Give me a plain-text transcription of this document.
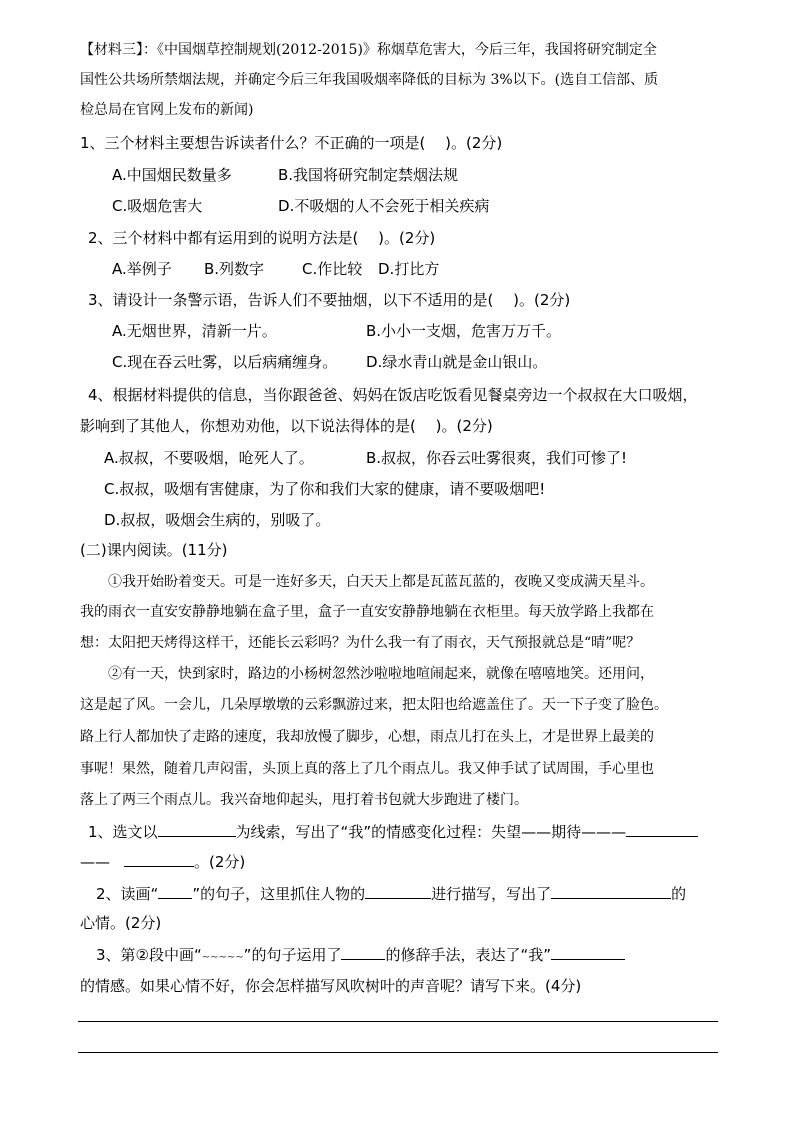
【材料三】：《中国烟草控制规划(2012-2015)》称烟草危害大，今后三年，我国将研究制定全
国性公共场所禁烟法规，并确定今后三年我国吸烟率降低的目标为 3%以下。(选自工信部、质
检总局在官网上发布的新闻)
1、三个材料主要想告诉读者什么？不正确的一项是(　 )。(2分)
A.中国烟民数量多	B.我国将研究制定禁烟法规
C.吸烟危害大	D.不吸烟的人不会死于相关疾病
2、三个材料中都有运用到的说明方法是(　 )。(2分)
A.举例子 B.列数字	C.作比较 D.打比方
3、请设计一条警示语，告诉人们不要抽烟，以下不适用的是(　 )。(2分)
A.无烟世界，清新一片。	B.小小一支烟，危害万万千。
C.现在吞云吐雾，以后病痛缠身。 D.绿水青山就是金山银山。
4、根据材料提供的信息，当你跟爸爸、妈妈在饭店吃饭看见餐桌旁边一个叔叔在大口吸烟，
影响到了其他人，你想劝劝他，以下说法得体的是(　 )。(2分)
A.叔叔，不要吸烟，呛死人了。	B.叔叔，你吞云吐雾很爽，我们可惨了!
C.叔叔，吸烟有害健康，为了你和我们大家的健康，请不要吸烟吧!
D.叔叔，吸烟会生病的，别吸了。
(二)课内阅读。(11分)
①我开始盼着变天。可是一连好多天，白天天上都是瓦蓝瓦蓝的，夜晚又变成满天星斗。
我的雨衣一直安安静静地躺在盒子里，盒子一直安安静静地躺在衣柜里。每天放学路上我都在
想：太阳把天烤得这样干，还能长云彩吗？为什么我一有了雨衣，天气预报就总是“晴”呢？
②有一天，快到家时，路边的小杨树忽然沙啦啦地喧闹起来，就像在嘻嘻地笑。还用问，
这是起了风。一会儿，几朵厚墩墩的云彩飘游过来，把太阳也给遮盖住了。天一下子变了脸色。
路上行人都加快了走路的速度，我却放慢了脚步，心想，雨点儿打在头上，才是世界上最美的
事呢！果然，随着几声闷雷，头顶上真的落上了几个雨点儿。我又伸手试了试周围，手心里也
落上了两三个雨点儿。我兴奋地仰起头，甩打着书包就大步跑进了楼门。
1、选文以	为线索，写出了“我”的情感变化过程：失望——期待———
——	。(2分)
2、读画“ ”的句子，这里抓住人物的	进行描写，写出了	的
心情。(2分)
3、第②段中画“~~~~~”的句子运用了	的修辞手法，表达了“我”
的情感。如果心情不好，你会怎样描写风吹树叶的声音呢？请写下来。(4分)
